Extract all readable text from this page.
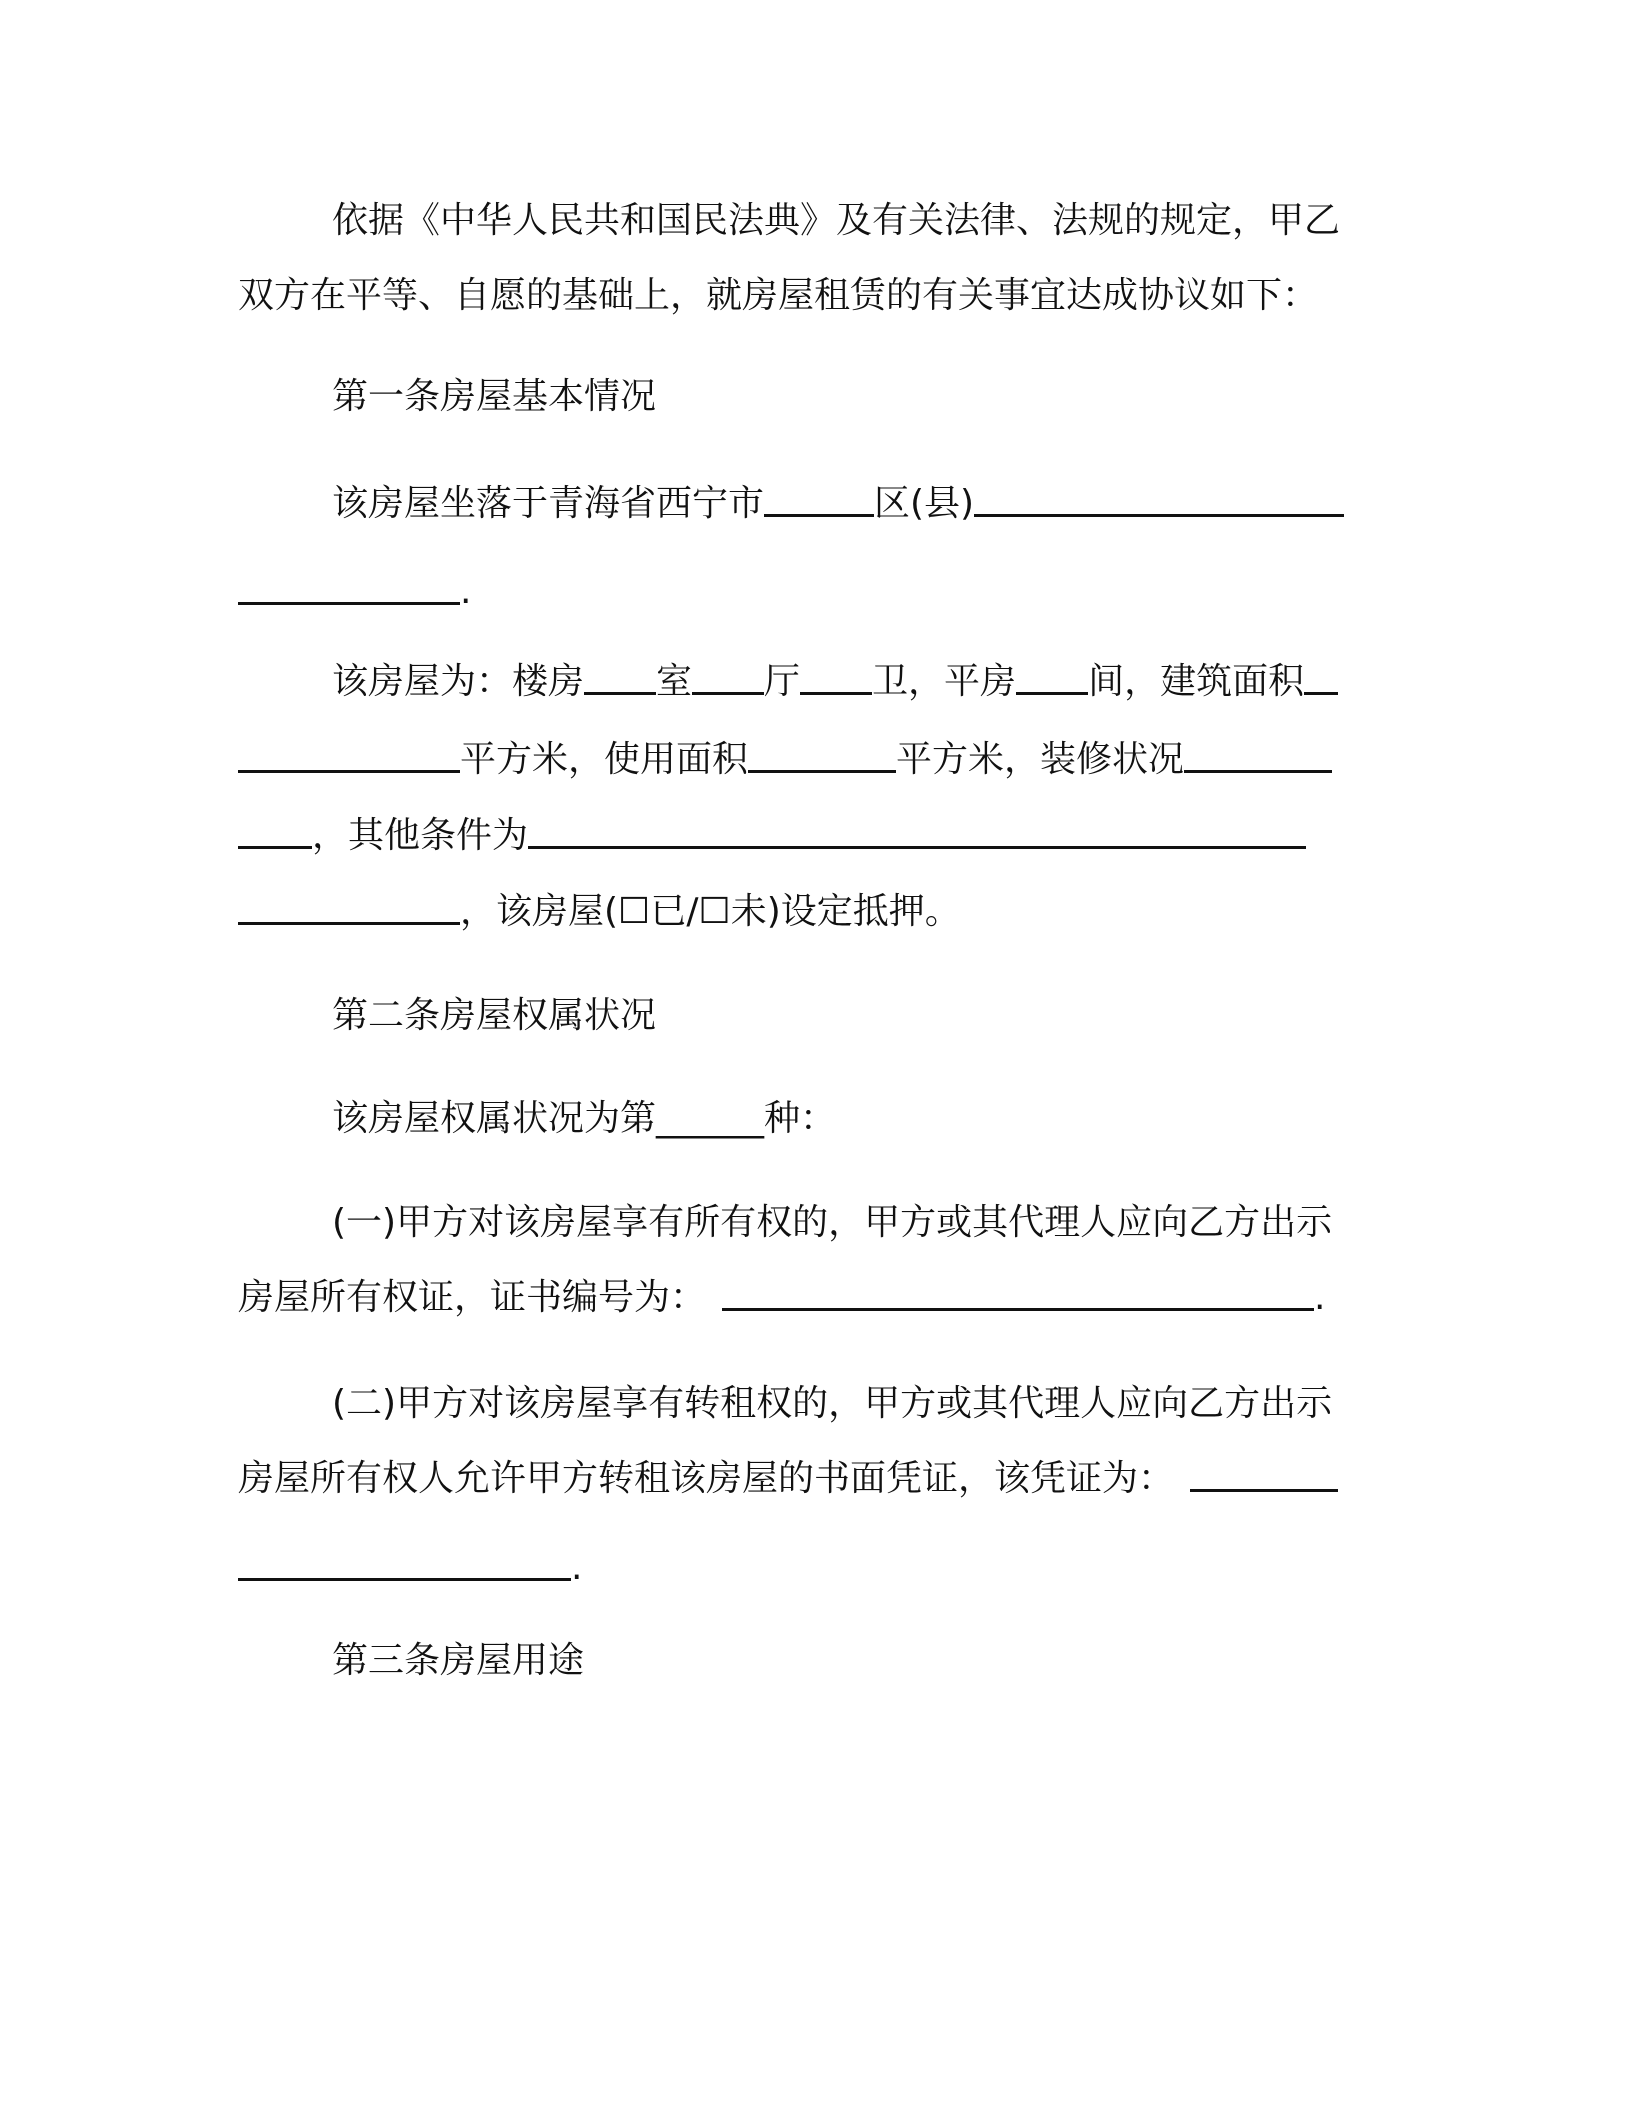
依据《中华人民共和国民法典》及有关法律、法规的规定，甲乙
双方在平等、自愿的基础上，就房屋租赁的有关事宜达成协议如下：
第一条房屋基本情况
该房屋坐落于青海省西宁市	区(县)
.
该房屋为：楼房 室 厅 卫，平房 间，建筑面积
平方米，使用面积	平方米，装修状况
，其他条件为
，该房屋(☐已/☐未)设定抵押。
第二条房屋权属状况
该房屋权属状况为第______种：
(一)甲方对该房屋享有所有权的，甲方或其代理人应向乙方出示
房屋所有权证，证书编号为：	.
(二)甲方对该房屋享有转租权的，甲方或其代理人应向乙方出示
房屋所有权人允许甲方转租该房屋的书面凭证，该凭证为：
.
第三条房屋用途
